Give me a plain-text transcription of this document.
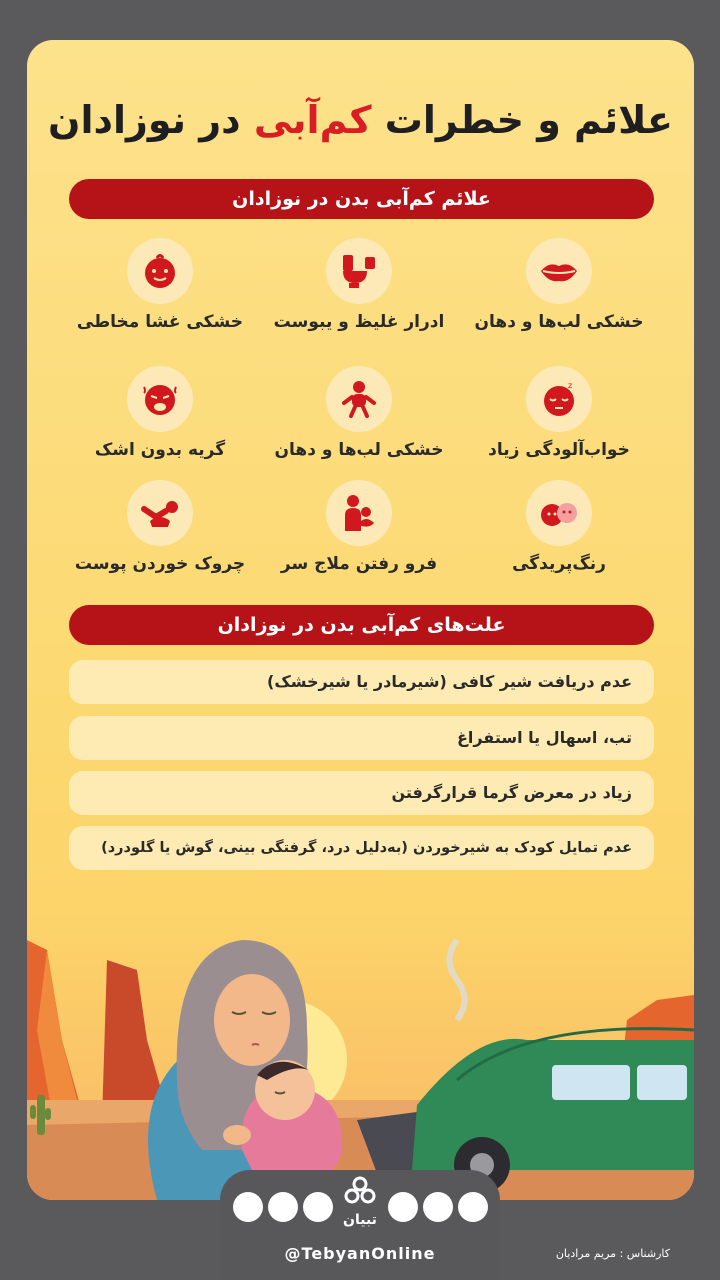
علائم و خطرات کم‌آبی در نوزادان
علائم کم‌آبی بدن در نوزادان
خشکی لب‌ها و دهان
ادرار غلیظ و یبوست
خشکی غشا مخاطی
z
خواب‌آلودگی زیاد
خشکی لب‌ها و دهان
گریه بدون اشک
رنگ‌پریدگی
فرو رفتن ملاج سر
چروک خوردن پوست
علت‌های کم‌آبی بدن در نوزادان
عدم دریافت شیر کافی (شیرمادر یا شیرخشک)
تب، اسهال یا استفراغ
زیاد در معرض گرما قرارگرفتن
عدم تمایل کودک به شیرخوردن (به‌دلیل درد، گرفتگی بینی، گوش یا گلودرد)
تبیان
@TebyanOnline	کارشناس : مریم مرادیان
